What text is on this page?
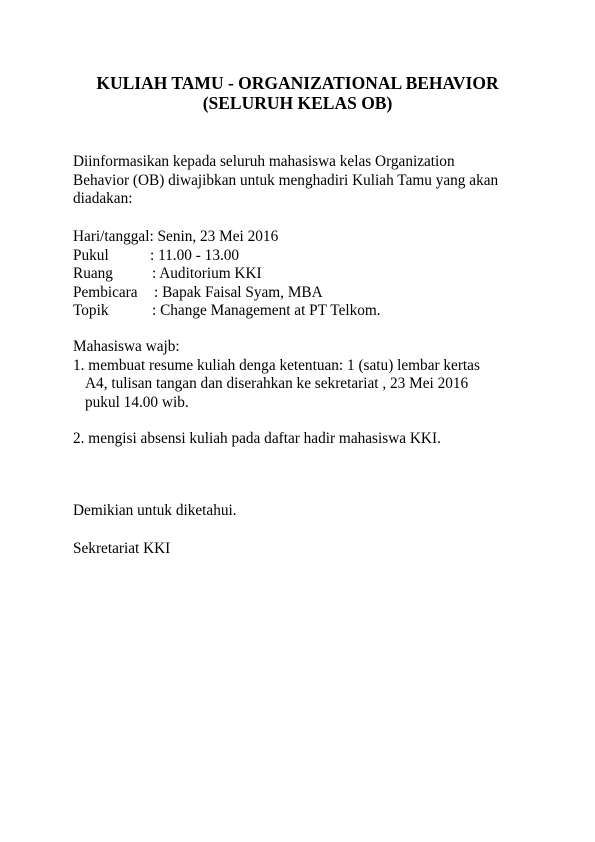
KULIAH TAMU - ORGANIZATIONAL BEHAVIOR
(SELURUH KELAS OB)
Diinformasikan kepada seluruh mahasiswa kelas Organization
Behavior (OB) diwajibkan untuk menghadiri Kuliah Tamu yang akan
diadakan:
Hari/tanggal: Senin, 23 Mei 2016
Pukul	: 11.00 - 13.00
Ruang	: Auditorium KKI
Pembicara : Bapak Faisal Syam, MBA
Topik	: Change Management at PT Telkom.
Mahasiswa wajb:
1. membuat resume kuliah denga ketentuan: 1 (satu) lembar kertas
A4, tulisan tangan dan diserahkan ke sekretariat , 23 Mei 2016
pukul 14.00 wib.
2. mengisi absensi kuliah pada daftar hadir mahasiswa KKI.
Demikian untuk diketahui.
Sekretariat KKI
